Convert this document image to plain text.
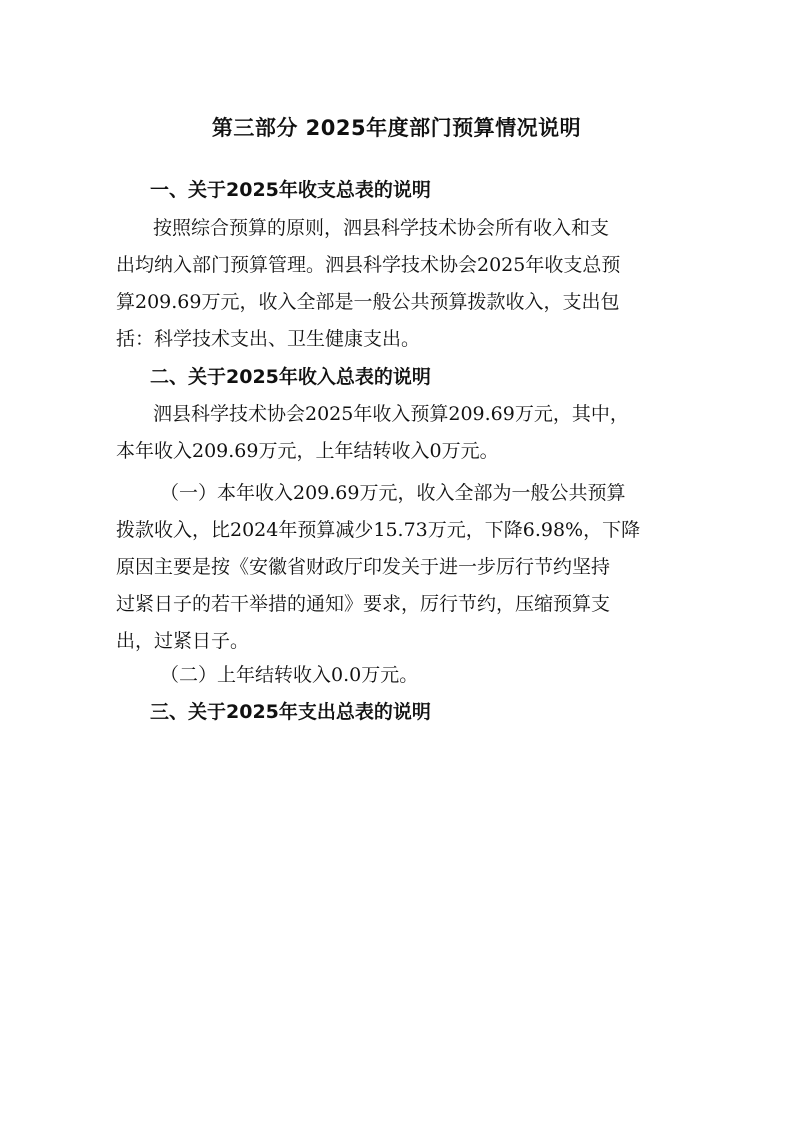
第三部分 2025年度部门预算情况说明
一、关于2025年收支总表的说明
按照综合预算的原则，泗县科学技术协会所有收入和支
出均纳入部门预算管理。泗县科学技术协会2025年收支总预
算209.69万元，收入全部是一般公共预算拨款收入，支出包
括：科学技术支出、卫生健康支出。
二、关于2025年收入总表的说明
泗县科学技术协会2025年收入预算209.69万元，其中，
本年收入209.69万元，上年结转收入0万元。
（一）本年收入209.69万元，收入全部为一般公共预算
拨款收入，比2024年预算减少15.73万元，下降6.98%，下降
原因主要是按《安徽省财政厅印发关于进一步厉行节约坚持
过紧日子的若干举措的通知》要求，厉行节约，压缩预算支
出，过紧日子。
（二）上年结转收入0.0万元。
三、关于2025年支出总表的说明
